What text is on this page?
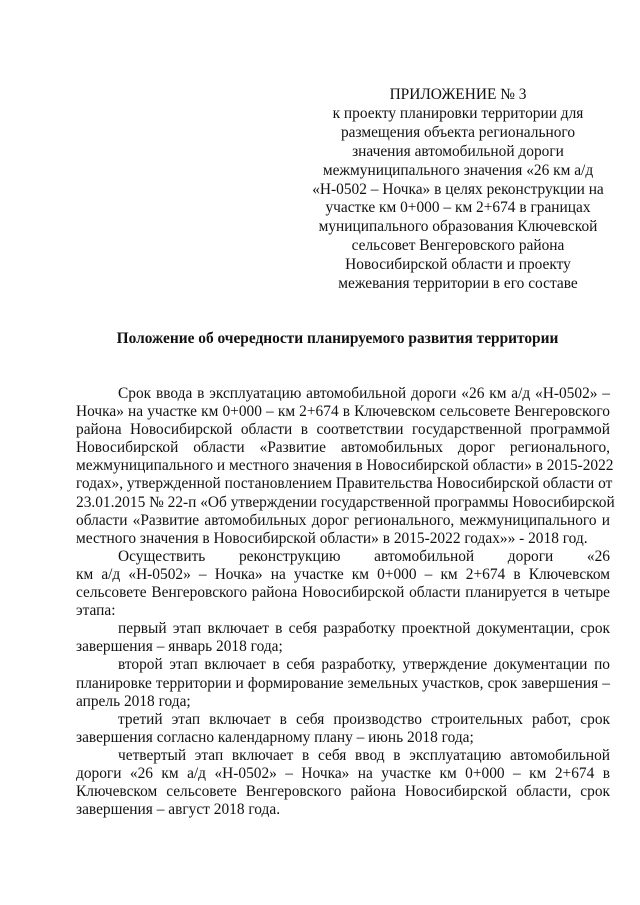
ПРИЛОЖЕНИЕ № 3
к проекту планировки территории для
размещения объекта регионального
значения автомобильной дороги
межмуниципального значения «26 км а/д
«Н-0502 – Ночка» в целях реконструкции на
участке км 0+000 – км 2+674 в границах
муниципального образования Ключевской
сельсовет Венгеровского района
Новосибирской области и проекту
межевания территории в его составе
Положение об очередности планируемого развития территории

Срок ввода в эксплуатацию автомобильной дороги «26 км а/д «Н-0502» –
Ночка» на участке км 0+000 – км 2+674 в Ключевском сельсовете Венгеровского
района Новосибирской области в соответствии государственной программой
Новосибирской области «Развитие автомобильных дорог регионального,
межмуниципального и местного значения в Новосибирской области» в 2015-2022
годах», утвержденной постановлением Правительства Новосибирской области от
23.01.2015 № 22-п «Об утверждении государственной программы Новосибирской
области «Развитие автомобильных дорог регионального, межмуниципального и
местного значения в Новосибирской области» в 2015-2022 годах»» - 2018 год.

Осуществить реконструкцию автомобильной дороги «26
км а/д «Н-0502» – Ночка» на участке км 0+000 – км 2+674 в Ключевском
сельсовете Венгеровского района Новосибирской области планируется в четыре
этапа:

первый этап включает в себя разработку проектной документации, срок
завершения – январь 2018 года;

второй этап включает в себя разработку, утверждение документации по
планировке территории и формирование земельных участков, срок завершения –
апрель 2018 года;

третий этап включает в себя производство строительных работ, срок
завершения согласно календарному плану – июнь 2018 года;

четвертый этап включает в себя ввод в эксплуатацию автомобильной
дороги «26 км а/д «Н-0502» – Ночка» на участке км 0+000 – км 2+674 в
Ключевском сельсовете Венгеровского района Новосибирской области, срок
завершения – август 2018 года.
